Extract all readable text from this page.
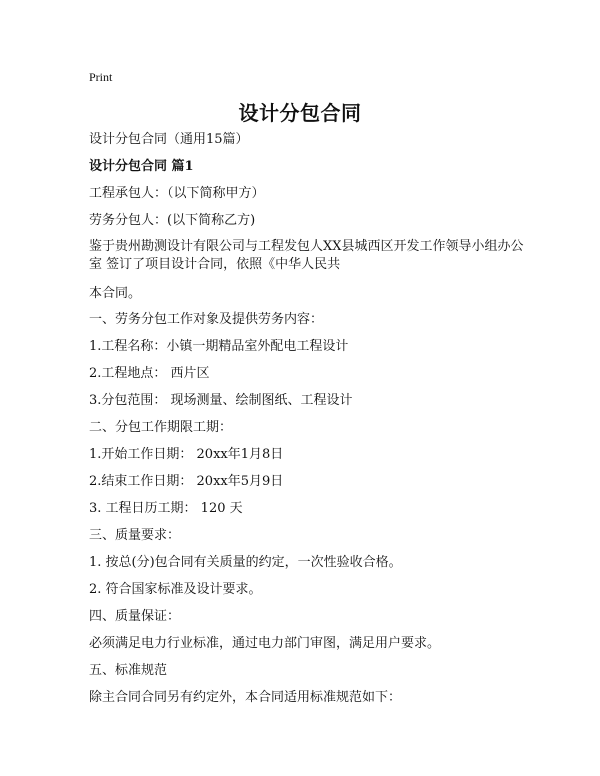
Print
设计分包合同
设计分包合同（通用15篇）
设计分包合同 篇1
工程承包人：（以下简称甲方）
劳务分包人：(以下简称乙方)
鉴于贵州勘测设计有限公司与工程发包人XX县城西区开发工作领导小组办公室 签订了项目设计合同，依照《中华人民共
本合同。
一、劳务分包工作对象及提供劳务内容：
1.工程名称：小镇一期精品室外配电工程设计
2.工程地点： 西片区
3.分包范围： 现场测量、绘制图纸、工程设计
二、分包工作期限工期：
1.开始工作日期： 20xx年1月8日
2.结束工作日期： 20xx年5月9日
3. 工程日历工期： 120 天
三、质量要求：
1. 按总(分)包合同有关质量的约定，一次性验收合格。
2. 符合国家标准及设计要求。
四、质量保证：
必须满足电力行业标准，通过电力部门审图，满足用户要求。
五、标准规范
除主合同合同另有约定外，本合同适用标准规范如下：
